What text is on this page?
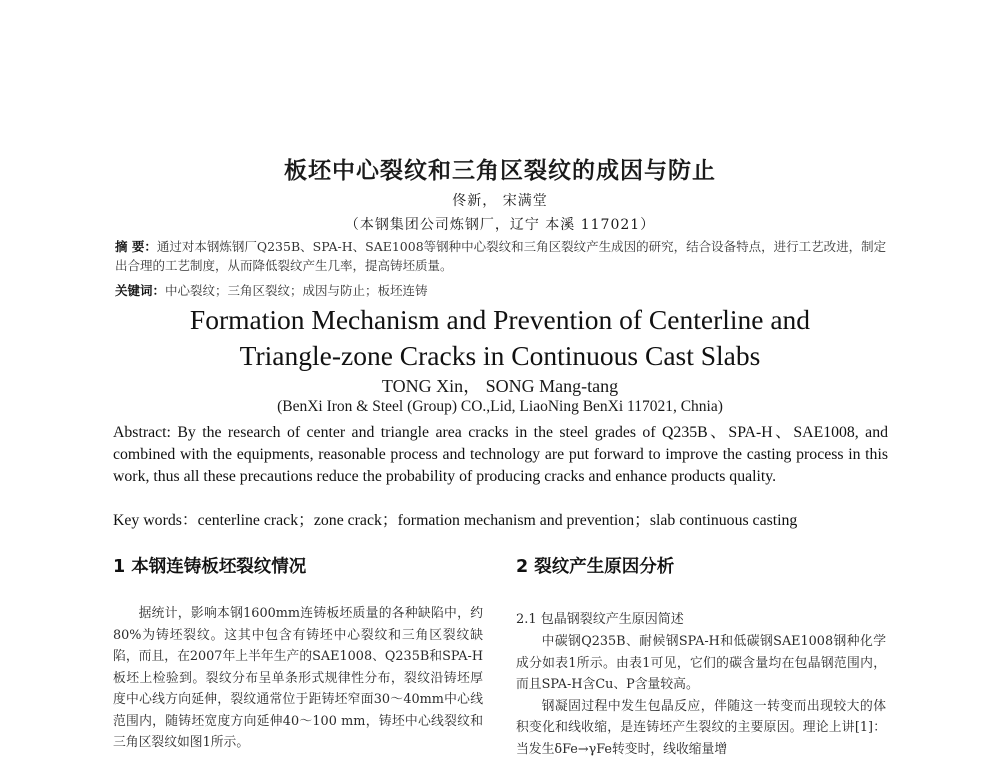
板坯中心裂纹和三角区裂纹的成因与防止
佟新， 宋满堂
（本钢集团公司炼钢厂，辽宁 本溪 117021）
摘 要：通过对本钢炼钢厂Q235B、SPA-H、SAE1008等钢种中心裂纹和三角区裂纹产生成因的研究，结合设备特点，进行工艺改进，制定出合理的工艺制度，从而降低裂纹产生几率，提高铸坯质量。
关键词：中心裂纹；三角区裂纹；成因与防止；板坯连铸
Formation Mechanism and Prevention of Centerline and
Triangle-zone Cracks in Continuous Cast Slabs
TONG Xin， SONG Mang-tang
(BenXi Iron & Steel (Group) CO.,Lid, LiaoNing BenXi 117021, Chnia)

Abstract: By the research of center and triangle area cracks in the steel grades of Q235B、SPA-H、SAE1008, and combined with the equipments, reasonable process and technology are put forward to improve the casting process in this work, thus all these precautions reduce the probability of producing cracks and enhance products quality.

Key words：centerline crack；zone crack；formation mechanism and prevention；slab continuous casting
1 本钢连铸板坯裂纹情况

据统计，影响本钢1600mm连铸板坯质量的各种缺陷中，约80%为铸坯裂纹。这其中包含有铸坯中心裂纹和三角区裂纹缺陷，而且，在2007年上半年生产的SAE1008、Q235B和SPA-H板坯上检验到。裂纹分布呈单条形式规律性分布，裂纹沿铸坯厚度中心线方向延伸，裂纹通常位于距铸坯窄面30～40mm中心线范围内，随铸坯宽度方向延伸40～100 mm，铸坯中心线裂纹和三角区裂纹如图1所示。

2 裂纹产生原因分析
2.1 包晶钢裂纹产生原因简述

中碳钢Q235B、耐候钢SPA-H和低碳钢SAE1008钢种化学成分如表1所示。由表1可见，它们的碳含量均在包晶钢范围内，而且SPA-H含Cu、P含量较高。

钢凝固过程中发生包晶反应，伴随这一转变而出现较大的体积变化和线收缩，是连铸坯产生裂纹的主要原因。理论上讲[1]：当发生δFe→γFe转变时，线收缩量增
